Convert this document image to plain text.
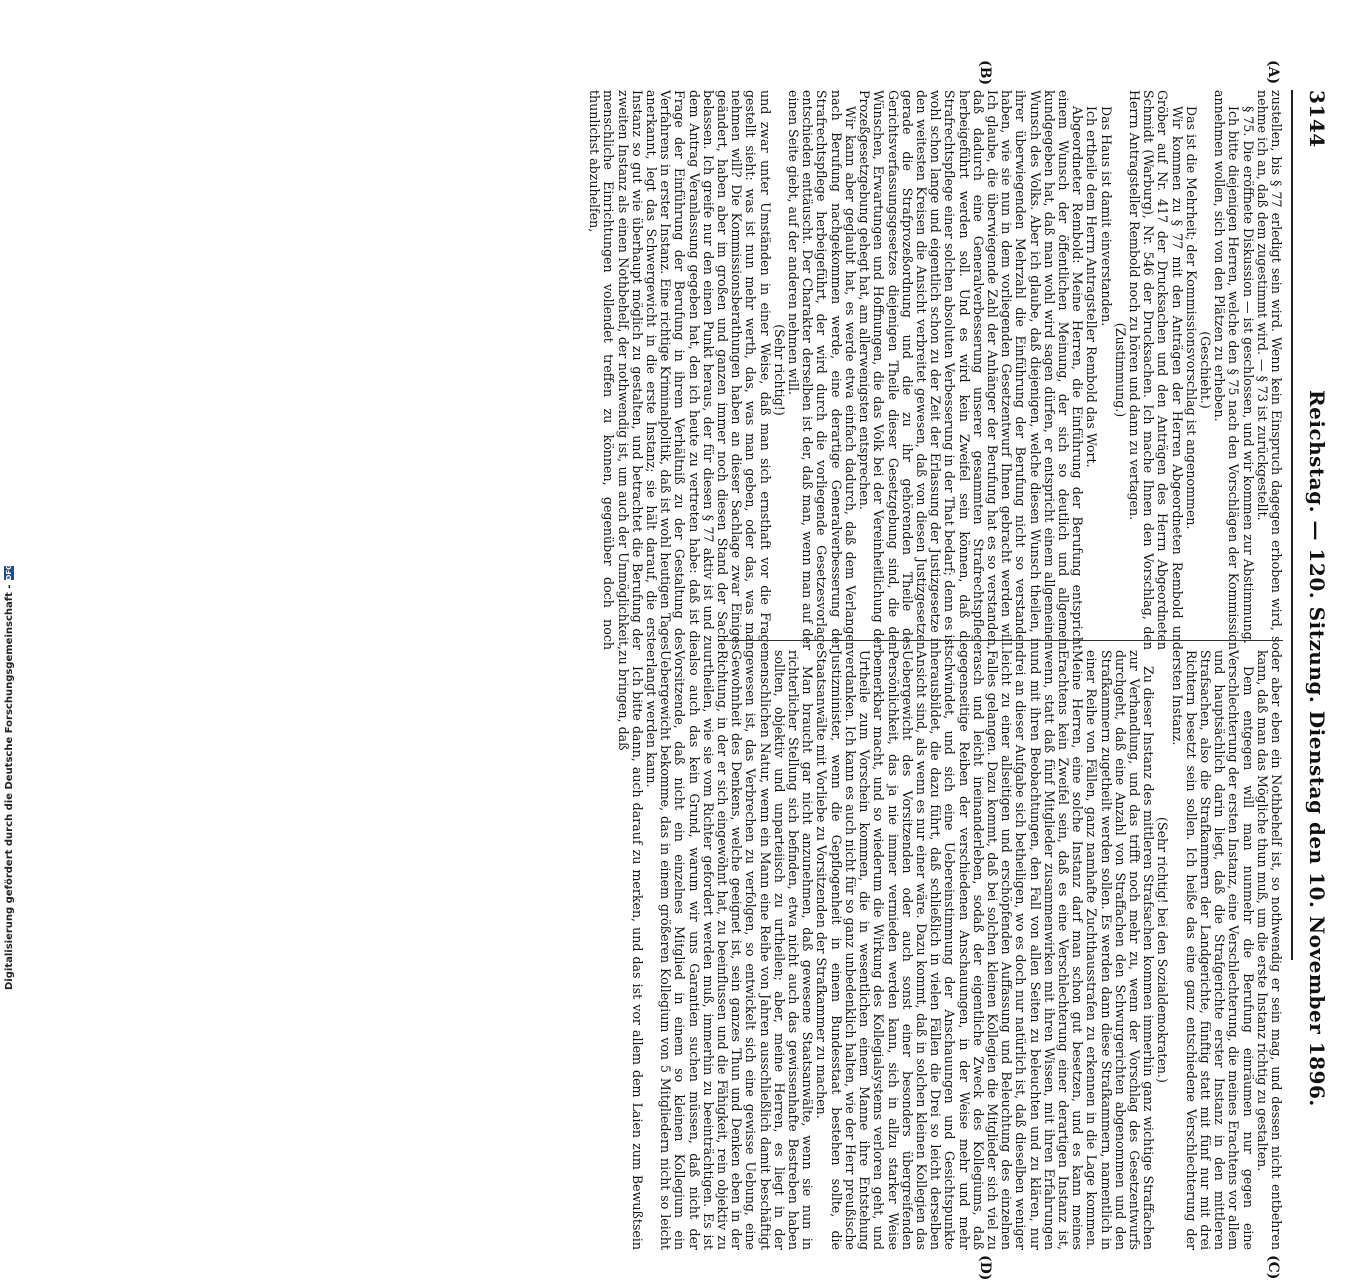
3144
Reichstag. — 120. Sitzung. Dienstag den 10. November 1896.
(A)
(B)
(C)
(D)

zustellen, bis § 77 erledigt sein wird. Wenn kein Einspruch dagegen erhoben wird, so nehme ich an, daß dem zugestimmt wird. — § 73 ist zurückgestellt.

§ 75. Die eröffnete Diskussion — ist geschlossen, und wir kommen zur Abstimmung.

Ich bitte diejenigen Herren, welche den § 75 nach den Vorschlägen der Kommission annehmen wollen, sich von den Plätzen zu erheben.

(Geschieht.)

Das ist die Mehrheit; der Kommissionsvorschlag ist angenommen.

Wir kommen zu § 77 mit den Anträgen der Herren Abgeordneten Rembold und Gröber auf Nr. 417 der Drucksachen und den Anträgen des Herrn Abgeordneten Schmidt (Warburg), Nr. 546 der Drucksachen. Ich mache Ihnen den Vorschlag, den Herrn Antragsteller Rembold noch zu hören und dann zu vertagen.

(Zustimmung.)

Das Haus ist damit einverstanden.

Ich ertheile dem Herrn Antragsteller Rembold das Wort.

Abgeordneter Rembold: Meine Herren, die Einführung der Berufung entspricht einem Wunsch der öffentlichen Meinung, der sich so deutlich und allgemein kundgegeben hat, daß man wohl wird sagen dürfen, er entspricht einem allgemeinen Wunsch des Volks. Aber ich glaube, daß diejenigen, welche diesen Wunsch theilen, in ihrer überwiegenden Mehrzahl die Einführung der Berufung nicht so verstanden haben, wie sie nun in dem vorliegenden Gesetzentwurf Ihnen gebracht werden will. Ich glaube, die überwiegende Zahl der Anhänger der Berufung hat es so verstanden, daß dadurch eine Generalverbesserung unserer gesammten Strafrechtspflege herbeigeführt werden soll. Und es wird kein Zweifel sein können, daß die Strafrechtspflege einer solchen absoluten Verbesserung in der That bedarf; denn es ist wohl schon lange und eigentlich schon zu der Zeit der Erlassung der Justizgesetze in den weitesten Kreisen die Ansicht verbreitet gewesen, daß von diesen Justizgesetzen gerade die Strafprozeßordnung und die zu ihr gehörenden Theile des Gerichtsverfassungsgesetzes diejenigen Theile dieser Gesetzgebung sind, die den Wünschen, Erwartungen und Hoffnungen, die das Volk bei der Vereinheitlichung der Prozeßgesetzgebung gehegt hat, am allerwenigsten entsprechen.

Wir kann aber geglaubt hat, es werde etwa einfach dadurch, daß dem Verlangen nach Berufung nachgekommen werde, eine derartige Generalverbesserung der Strafrechtspflege herbeigeführt, der wird durch die vorliegende Gesetzesvorlage entschieden enttäuscht. Der Charakter derselben ist der, daß man, wenn man auf der einen Seite giebt, auf der anderen nehmen will.

(Sehr richtig!)

und zwar unter Umständen in einer Weise, daß man sich ernsthaft vor die Frage gestellt sieht: was ist nun mehr werth, das, was man geben, oder das, was man nehmen will? Die Kommissionsberathungen haben an dieser Sachlage zwar Einiges geändert, haben aber im großen und ganzen immer noch diesen Stand der Sache belassen. Ich greife nur den einen Punkt heraus, der für diesen § 77 aktiv ist und zu dem Antrag Veranlassung gegeben hat, den ich heute zu vertreten habe: daß ist die Frage der Einführung der Berufung in ihrem Verhältniß zu der Gestaltung des Verfahrens in erster Instanz. Eine richtige Kriminalpolitik, daß ist wohl heutigen Tages anerkannt, legt das Schwergewicht in die erste Instanz; sie hält darauf, die erste Instanz so gut wie überhaupt möglich zu gestalten, und betrachtet die Berufung der zweiten Instanz als einen Nothbehelf, der nothwendig ist, um auch der Unmöglichkeit, menschliche Einrichtungen vollendet treffen zu können, gegenüber doch noch thunlichst abzuhelfen,

der aber eben ein Nothbehelf ist, so nothwendig er sein mag, und dessen nicht entbehren kann, daß man das Mögliche thun muß, um die erste Instanz richtig zu gestalten.

Dem entgegen will man nunmehr die Berufung einräumen nur gegen eine Verschlechterung der ersten Instanz, eine Verschlechterung, die meines Erachtens vor allem und hauptsächlich darin liegt, daß die Strafgerichte erster Instanz in den mittleren Strafsachen, also die Strafkammern der Landgerichte, fünftig statt mit fünf nur mit drei Richtern besetzt sein sollen. Ich heiße das eine ganz entschiedene Verschlechterung der ersten Instanz.

(Sehr richtig! bei den Sozialdemokraten.)

Zu dieser Instanz des mittleren Strafsachen kommen immerhin ganz wichtige Straffachen zur Verhandlung, und das trifft noch mehr zu, wenn der Vorschlag des Gesetzentwurfs durchgeht, daß eine Anzahl von Straffachen den Schwurgerichten abgenommen und den Strafkammern zugetheilt werden sollen. Es werden dann diese Strafkammern, namentlich in einer Reihe von Fällen, ganz namhafte Zuchthausstrafen zu erkennen in die Lage kommen. Meine Herren, eine solche Instanz darf man schon gut besetzen, und es kann meines Erachtens kein Zweifel sein, daß es eine Verschlechterung einer derartigen Instanz ist, wenn, statt daß fünf Mitglieder zusammenwirken mit ihren Wissen, mit ihren Erfahrungen und mit ihren Beobachtungen, den Fall von allen Seiten zu beleuchten und zu klären, nur drei an dieser Aufgabe sich betheiligen, wo es doch nur natürlich ist, daß dieselben weniger leicht zu einer allseitigen und erschöpfenden Auffassung und Beleuchtung des einzelnen Falles gelangen. Dazu kommt, daß bei solchen kleinen Kollegien die Mitglieder sich viel zu rasch und leicht ineinanderleben, sodaß der eigentliche Zweck des Kollegiums, daß gegenseitige Reiben der verschiedenen Anschauungen, in der Weise mehr und mehr schwindet, und sich eine Uebereinstimmung der Anschauungen und Gesichtspunkte herausbildet, die dazu führt, daß schließlich in vielen Fällen die Drei so leicht derselben Ansicht sind, als wenn es nur einer wäre. Dazu kommt, daß in solchen kleinen Kollegien das Uebergewicht des Vorsitzenden oder auch sonst einer besonders übergreifenden Persönlichkeit, das ja nie immer vermieden werden kann, sich in allzu starker Weise bemerkbar macht, und so wiederum die Wirkung des Kollegialsystems verloren geht, und Urtheile zum Vorschein kommen, die in wesentlichen einem Manne ihre Entstehung verdanken. Ich kann es auch nicht für so ganz unbedenklich halten, wie der Herr preußische Justizminister, wenn die Gepflogenheit in einem Bundesstaat bestehen sollte, die Staatsanwälte mit Vorliebe zu Vorsitzenden der Strafkammer zu machen.

Man braucht gar nicht anzunehmen, daß gewesene Staatsanwälte, wenn sie nun in richterlicher Stellung sich befinden, etwa nicht auch das gewissenhafte Bestreben haben sollten, objektiv und unparteiisch zu urtheilen; aber, meine Herren, es liegt in der menschlichen Natur, wenn ein Mann eine Reihe von Jahren ausschließlich damit beschäftigt gewesen ist, das Verbrechen zu verfolgen, so entwickelt sich eine gewisse Uebung, eine Gewohnheit des Denkens, welche geeignet ist, sein ganzes Thun und Denken eben in der Richtung, in der er sich eingewöhnt hat, zu beeinflussen und die Fähigkeit, rein objektiv zu urtheilen, wie sie vom Richter gefordert werden muß, immerhin zu beeinträchtigen. Es ist also auch das kein Grund, warum wir uns Garantien suchen müssen, daß nicht der Vorsitzende, daß nicht ein einzelnes Mitglied in einem so kleinen Kollegium ein Uebergewicht bekomme, das in einem größeren Kollegium von 5 Mitgliedern nicht so leicht erlangt werden kann.

Ich bitte dann, auch darauf zu merken, und das ist vor allem dem Laien zum Bewußtsein zu bringen, daß

Digitalisierung gefördert durch die Deutsche Forschungsgemeinschaft -DFG
